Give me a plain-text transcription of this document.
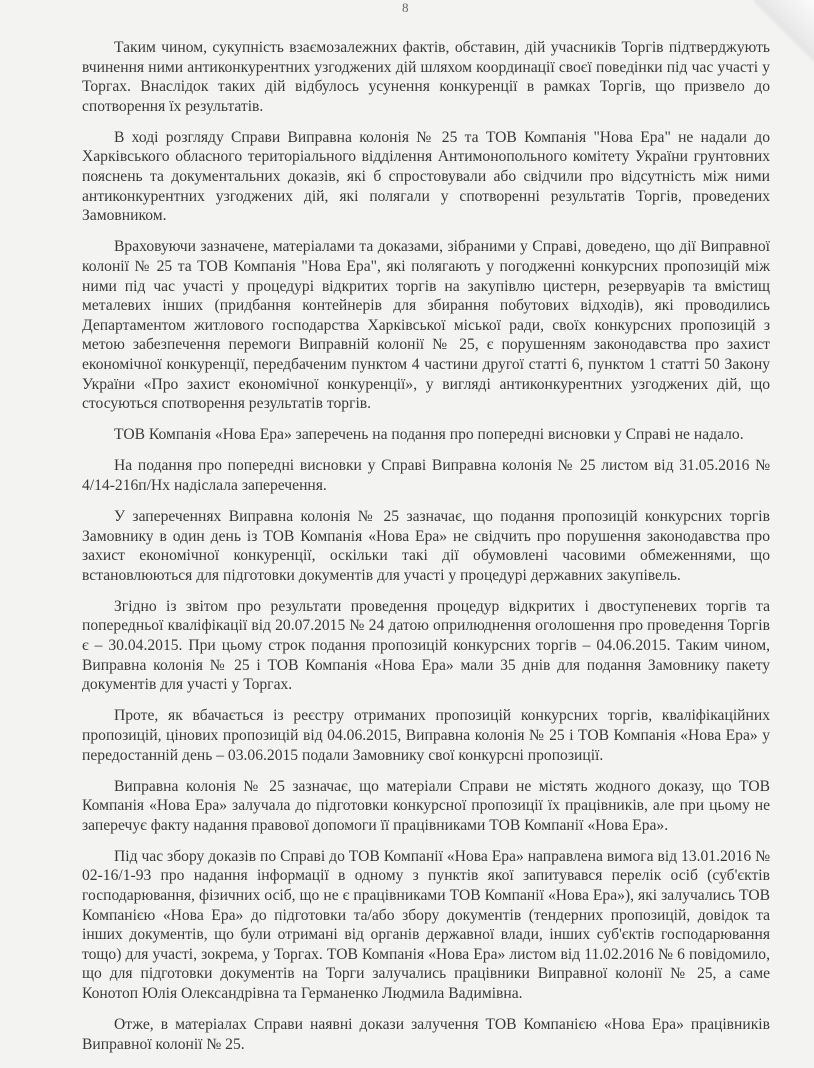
8

Таким чином, сукупність взаємозалежних фактів, обставин, дій учасників Торгів підтверджують вчинення ними антиконкурентних узгоджених дій шляхом координації своєї поведінки під час участі у Торгах. Внаслідок таких дій відбулось усунення конкуренції в рамках Торгів, що призвело до спотворення їх результатів.

В ході розгляду Справи Виправна колонія № 25 та ТОВ Компанія "Нова Ера" не надали до Харківського обласного територіального відділення Антимонопольного комітету України грунтовних пояснень та документальних доказів, які б спростовували або свідчили про відсутність між ними антиконкурентних узгоджених дій, які полягали у спотворенні результатів Торгів, проведених Замовником.

Враховуючи зазначене, матеріалами та доказами, зібраними у Справі, доведено, що дії Виправної колонії № 25 та ТОВ Компанія "Нова Ера", які полягають у погодженні конкурсних пропозицій між ними під час участі у процедурі відкритих торгів на закупівлю цистерн, резервуарів та вмістищ металевих інших (придбання контейнерів для збирання побутових відходів), які проводились Департаментом житлового господарства Харківської міської ради, своїх конкурсних пропозицій з метою забезпечення перемоги Виправній колонії № 25, є порушенням законодавства про захист економічної конкуренції, передбаченим пунктом 4 частини другої статті 6, пунктом 1 статті 50 Закону України «Про захист економічної конкуренції», у вигляді антиконкурентних узгоджених дій, що стосуються спотворення результатів торгів.

ТОВ Компанія «Нова Ера» заперечень на подання про попередні висновки у Справі не надало.

На подання про попередні висновки у Справі Виправна колонія № 25 листом від 31.05.2016 № 4/14-216п/Нх надіслала заперечення.

У запереченнях Виправна колонія № 25 зазначає, що подання пропозицій конкурсних торгів Замовнику в один день із ТОВ Компанія «Нова Ера» не свідчить про порушення законодавства про захист економічної конкуренції, оскільки такі дії обумовлені часовими обмеженнями, що встановлюються для підготовки документів для участі у процедурі державних закупівель.

Згідно із звітом про результати проведення процедур відкритих і двоступеневих торгів та попередньої кваліфікації від 20.07.2015 № 24 датою оприлюднення оголошення про проведення Торгів є – 30.04.2015. При цьому строк подання пропозицій конкурсних торгів – 04.06.2015. Таким чином, Виправна колонія № 25 і ТОВ Компанія «Нова Ера» мали 35 днів для подання Замовнику пакету документів для участі у Торгах.

Проте, як вбачається із реєстру отриманих пропозицій конкурсних торгів, кваліфікаційних пропозицій, цінових пропозицій від 04.06.2015, Виправна колонія № 25 і ТОВ Компанія «Нова Ера» у передостанній день – 03.06.2015 подали Замовнику свої конкурсні пропозиції.

Виправна колонія № 25 зазначає, що матеріали Справи не містять жодного доказу, що ТОВ Компанія «Нова Ера» залучала до підготовки конкурсної пропозиції їх працівників, але при цьому не заперечує факту надання правової допомоги її працівниками ТОВ Компанії «Нова Ера».

Під час збору доказів по Справі до ТОВ Компанії «Нова Ера» направлена вимога від 13.01.2016 № 02-16/1-93 про надання інформації в одному з пунктів якої запитувався перелік осіб (суб'єктів господарювання, фізичних осіб, що не є працівниками ТОВ Компанії «Нова Ера»), які залучались ТОВ Компанією «Нова Ера» до підготовки та/або збору документів (тендерних пропозицій, довідок та інших документів, що були отримані від органів державної влади, інших суб'єктів господарювання тощо) для участі, зокрема, у Торгах. ТОВ Компанія «Нова Ера» листом від 11.02.2016 № 6 повідомило, що для підготовки документів на Торги залучались працівники Виправної колонії № 25, а саме Конотоп Юлія Олександрівна та Германенко Людмила Вадимівна.

Отже, в матеріалах Справи наявні докази залучення ТОВ Компанією «Нова Ера» працівників Виправної колонії № 25.
